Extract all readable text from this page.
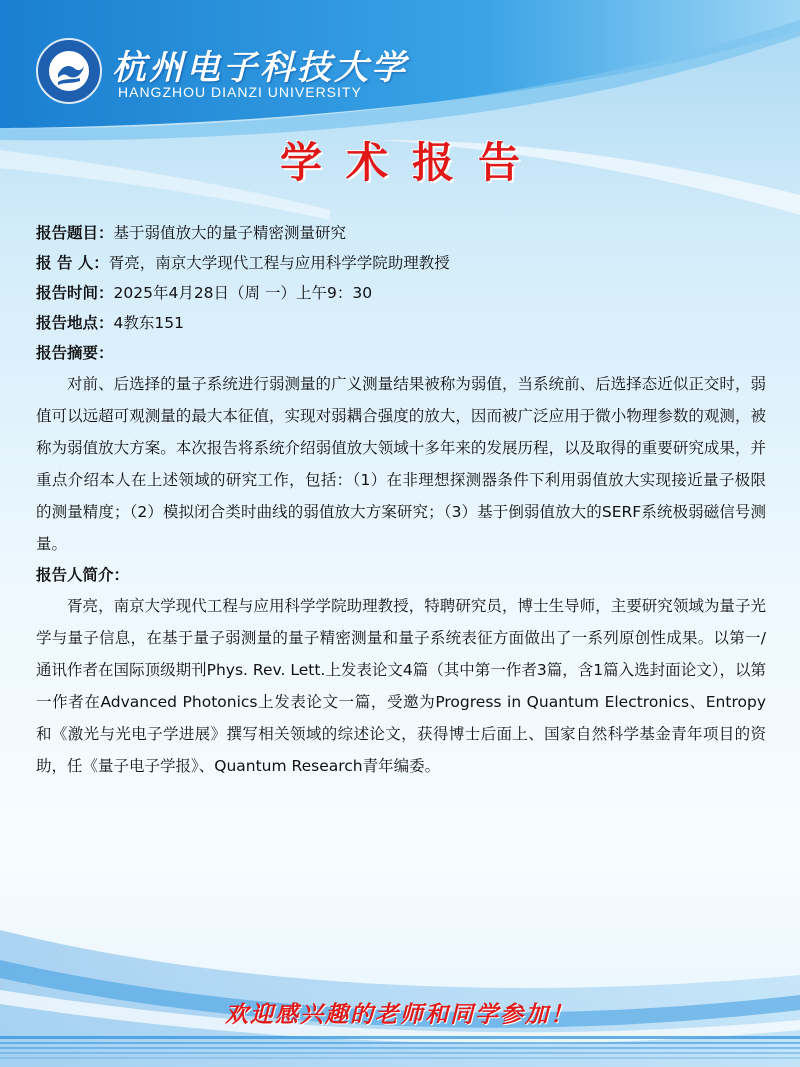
杭州电子科技大学
HANGZHOU DIANZI UNIVERSITY
学术报告
报告题目：基于弱值放大的量子精密测量研究
报 告 人：胥亮，南京大学现代工程与应用科学学院助理教授
报告时间：2025年4月28日（周 一）上午9：30
报告地点：4教东151
报告摘要：

对前、后选择的量子系统进行弱测量的广义测量结果被称为弱值，当系统前、后选择态近似正交时，弱值可以远超可观测量的最大本征值，实现对弱耦合强度的放大，因而被广泛应用于微小物理参数的观测，被称为弱值放大方案。本次报告将系统介绍弱值放大领域十多年来的发展历程，以及取得的重要研究成果，并重点介绍本人在上述领域的研究工作，包括：（1）在非理想探测器条件下利用弱值放大实现接近量子极限的测量精度；（2）模拟闭合类时曲线的弱值放大方案研究；（3）基于倒弱值放大的SERF系统极弱磁信号测量。

报告人简介：

胥亮，南京大学现代工程与应用科学学院助理教授，特聘研究员，博士生导师，主要研究领域为量子光学与量子信息，在基于量子弱测量的量子精密测量和量子系统表征方面做出了一系列原创性成果。以第一/通讯作者在国际顶级期刊Phys. Rev. Lett.上发表论文4篇（其中第一作者3篇，含1篇入选封面论文），以第一作者在Advanced Photonics上发表论文一篇，受邀为Progress in Quantum Electronics、Entropy和《激光与光电子学进展》撰写相关领域的综述论文，获得博士后面上、国家自然科学基金青年项目的资助，任《量子电子学报》、Quantum Research青年编委。

欢迎感兴趣的老师和同学参加！
